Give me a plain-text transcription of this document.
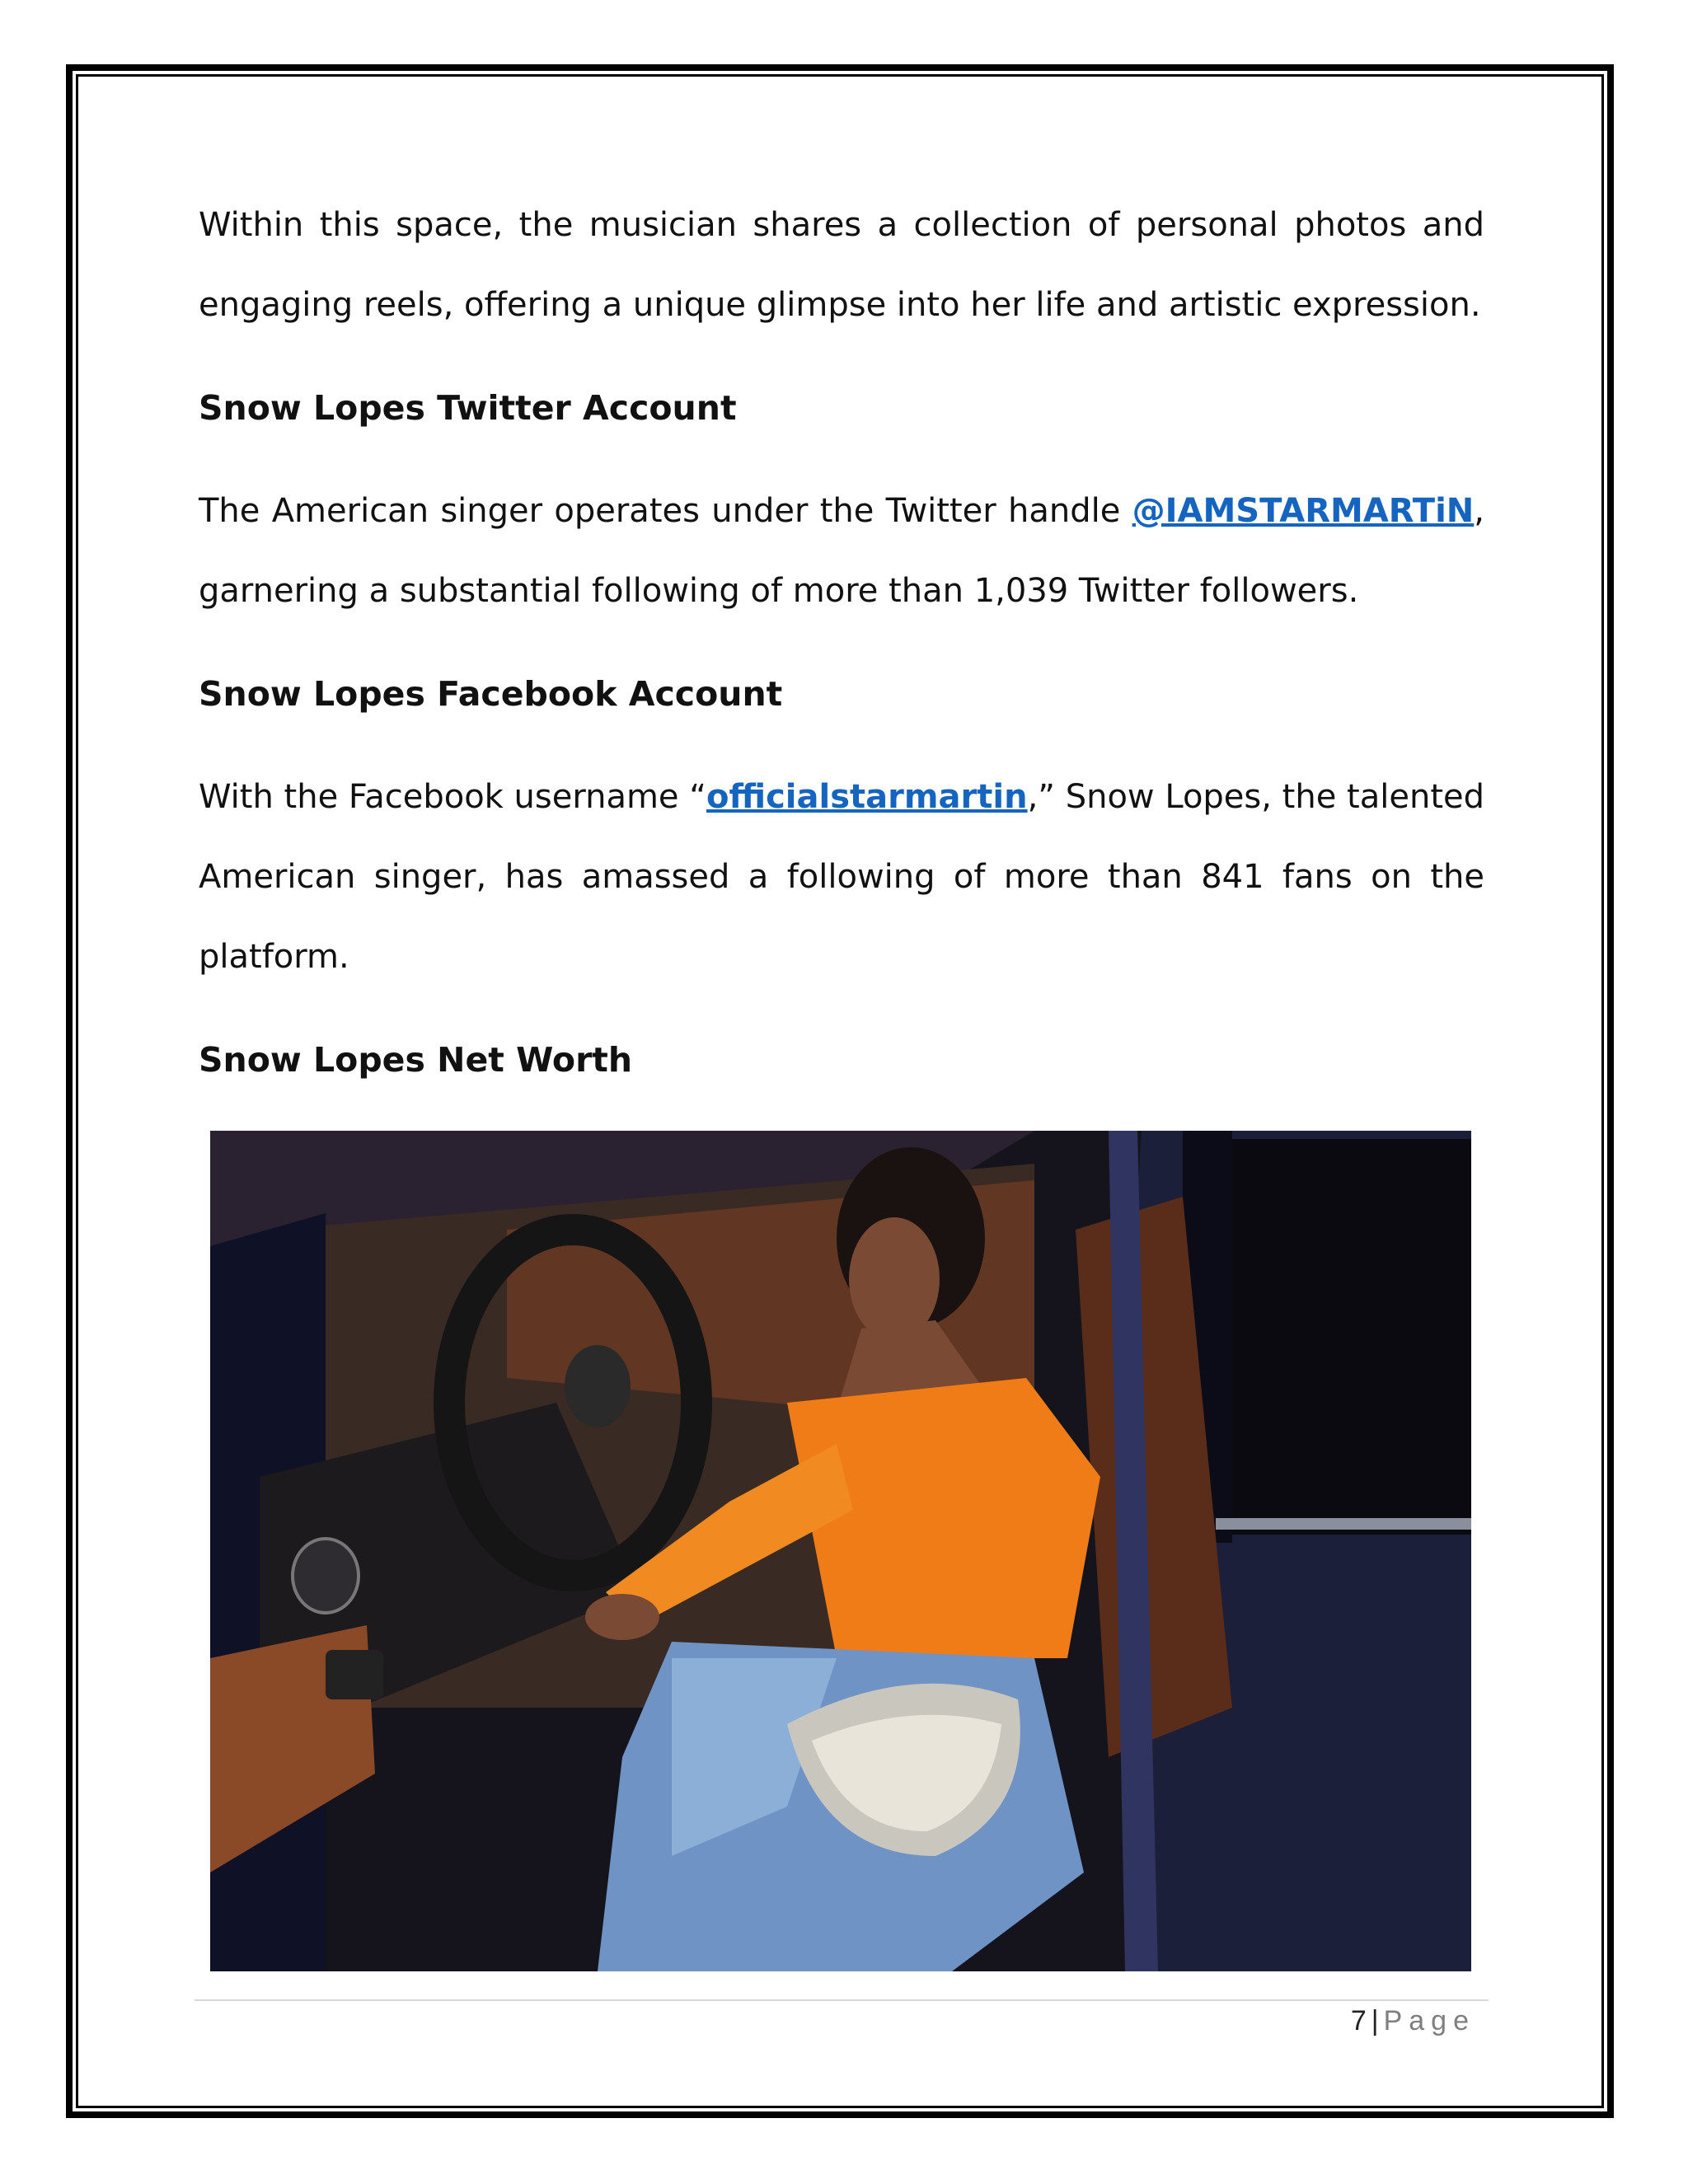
Within this space, the musician shares a collection of personal photos and engaging reels, offering a unique glimpse into her life and artistic expression.

Snow Lopes Twitter Account

The American singer operates under the Twitter handle @IAMSTARMARTiN, garnering a substantial following of more than 1,039 Twitter followers.

Snow Lopes Facebook Account

With the Facebook username “officialstarmartin,” Snow Lopes, the talented American singer, has amassed a following of more than 841 fans on the platform.

Snow Lopes Net Worth

7 | Page
